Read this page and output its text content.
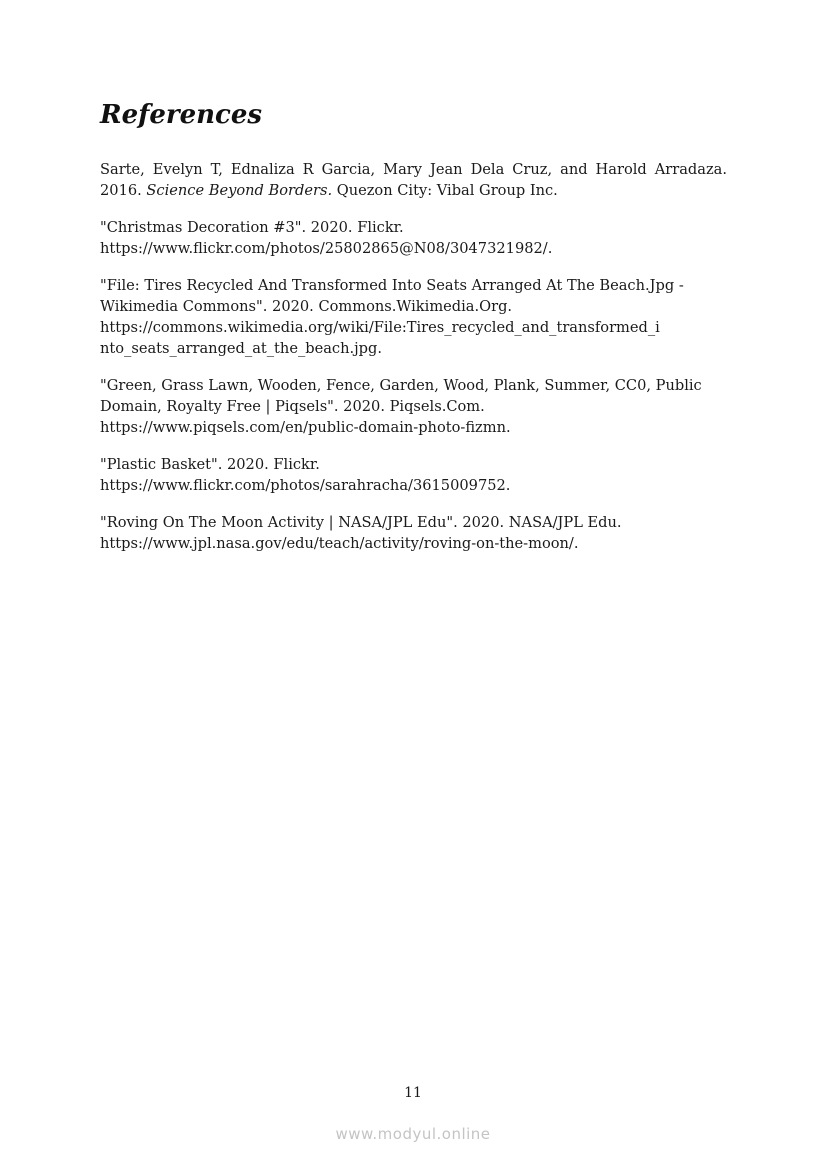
References
Sarte, Evelyn T, Ednaliza R Garcia, Mary Jean Dela Cruz, and Harold Arradaza.
2016. Science Beyond Borders. Quezon City: Vibal Group Inc.
"Christmas Decoration #3". 2020. Flickr.
https://www.flickr.com/photos/25802865@N08/3047321982/.
"File: Tires Recycled And Transformed Into Seats Arranged At The Beach.Jpg -
Wikimedia Commons". 2020. Commons.Wikimedia.Org.
https://commons.wikimedia.org/wiki/File:Tires_recycled_and_transformed_i
nto_seats_arranged_at_the_beach.jpg.
"Green, Grass Lawn, Wooden, Fence, Garden, Wood, Plank, Summer, CC0, Public
Domain, Royalty Free | Piqsels". 2020. Piqsels.Com.
https://www.piqsels.com/en/public-domain-photo-fizmn.
"Plastic Basket". 2020. Flickr.
https://www.flickr.com/photos/sarahracha/3615009752.
"Roving On The Moon Activity | NASA/JPL Edu". 2020. NASA/JPL Edu.
https://www.jpl.nasa.gov/edu/teach/activity/roving-on-the-moon/.
11
www.modyul.online
